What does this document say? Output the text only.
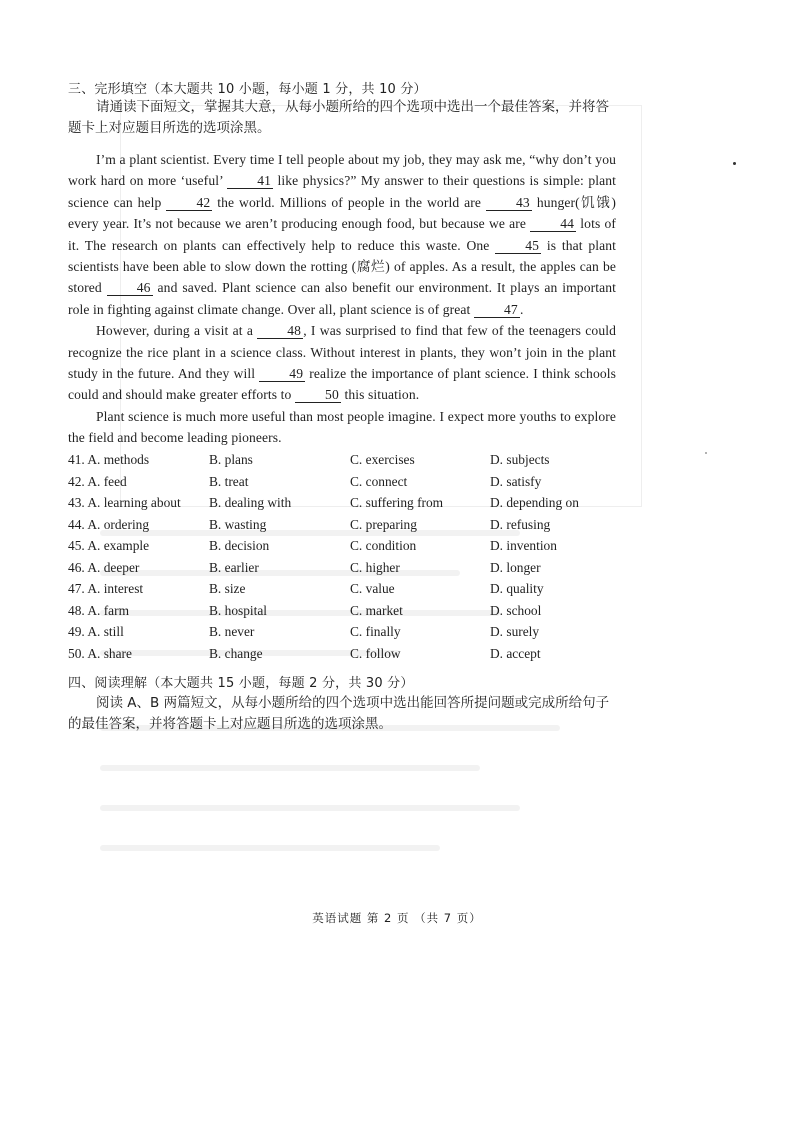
三、完形填空（本大题共 10 小题，每小题 1 分，共 10 分）
请通读下面短文，掌握其大意，从每小题所给的四个选项中选出一个最佳答案，并将答题卡上对应题目所选的选项涂黑。

I’m a plant scientist. Every time I tell people about my job, they may ask me, “why don’t you work hard on more ‘useful’ 41 like physics?” My answer to their questions is simple: plant science can help 42 the world. Millions of people in the world are 43 hunger(饥饿) every year. It’s not because we aren’t producing enough food, but because we are 44 lots of it. The research on plants can effectively help to reduce this waste. One 45 is that plant scientists have been able to slow down the rotting (腐烂) of apples. As a result, the apples can be stored 46 and saved. Plant science can also benefit our environment. It plays an important role in fighting against climate change. Over all, plant science is of great 47 .

However, during a visit at a 48 , I was surprised to find that few of the teenagers could recognize the rice plant in a science class. Without interest in plants, they won’t join in the plant study in the future. And they will 49 realize the importance of plant science. I think schools could and should make greater efforts to 50 this situation.

Plant science is much more useful than most people imagine. I expect more youths to explore the field and become leading pioneers.

41. A. methods	B. plans	C. exercises	D. subjects
42. A. feed	B. treat	C. connect	D. satisfy
43. A. learning about B. dealing with	C. suffering from	D. depending on
44. A. ordering	B. wasting	C. preparing	D. refusing
45. A. example	B. decision	C. condition	D. invention
46. A. deeper	B. earlier	C. higher	D. longer
47. A. interest	B. size	C. value	D. quality
48. A. farm	B. hospital	C. market	D. school
49. A. still	B. never	C. finally	D. surely
50. A. share	B. change	C. follow	D. accept
四、阅读理解（本大题共 15 小题，每题 2 分，共 30 分）
阅读 A、B 两篇短文，从每小题所给的四个选项中选出能回答所提问题或完成所给句子的最佳答案，并将答题卡上对应题目所选的选项涂黑。
英语试题 第 2 页 （共 7 页）
